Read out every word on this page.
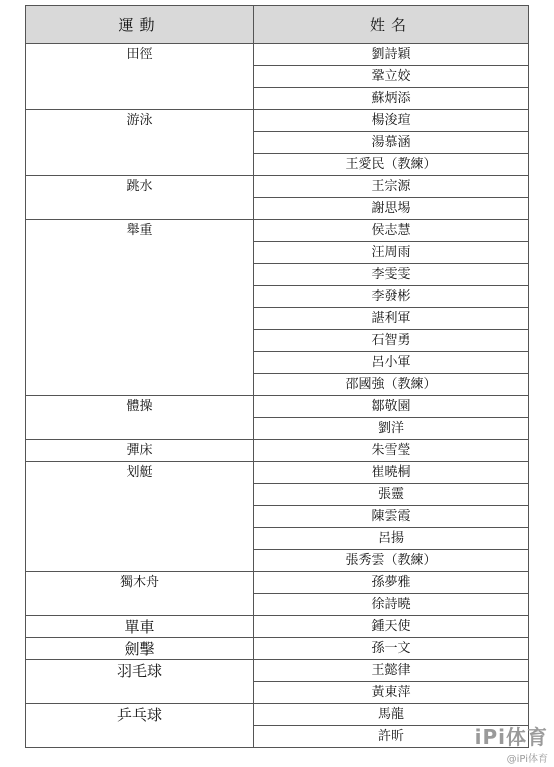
運動	姓名
田徑	劉詩穎
	鞏立姣
	蘇炳添
游泳	楊浚瑄
	湯慕涵
	王愛民（教練）
跳水	王宗源
	謝思埸
舉重	侯志慧
	汪周雨
	李雯雯
	李發彬
	諶利軍
	石智勇
	呂小軍
	邵國強（教練）
體操	鄒敬園
	劉洋
彈床	朱雪瑩
划艇	崔曉桐
	張靈
	陳雲霞
	呂揚
	張秀雲（教練）
獨木舟	孫夢雅
	徐詩曉
單車	鍾天使
劍擊	孫一文
羽毛球	王懿律
	黃東萍
乒乓球	馬龍
	許昕	iPi体育
@iPi体育
